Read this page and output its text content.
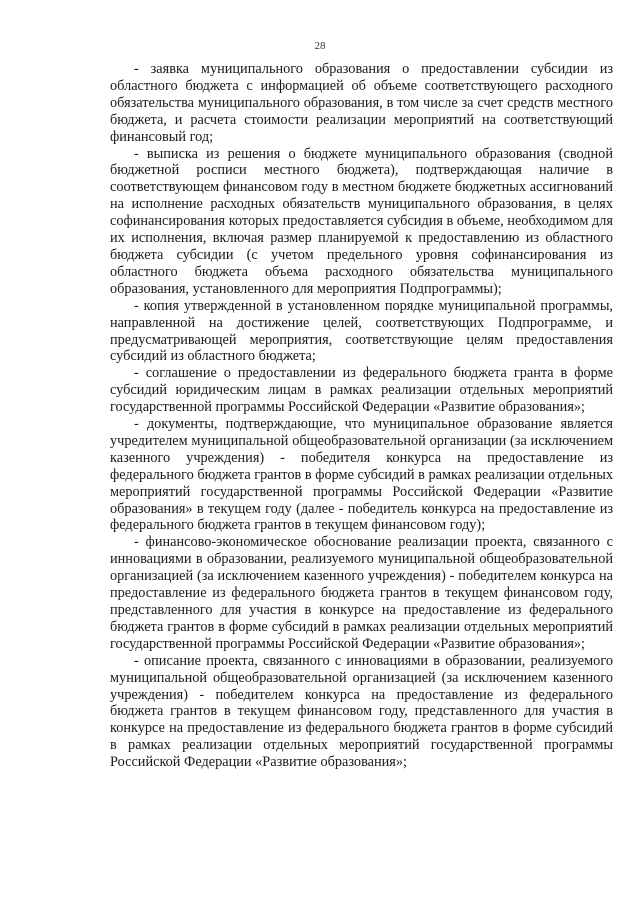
28

- заявка муниципального образования о предоставлении субсидии из областного бюджета с информацией об объеме соответствующего расходного обязательства муниципального образования, в том числе за счет средств местного бюджета, и расчета стоимости реализации мероприятий на соответствующий финансовый год;

- выписка из решения о бюджете муниципального образования (сводной бюджетной росписи местного бюджета), подтверждающая наличие в соответствующем финансовом году в местном бюджете бюджетных ассигнований на исполнение расходных обязательств муниципального образования, в целях софинансирования которых предоставляется субсидия в объеме, необходимом для их исполнения, включая размер планируемой к предоставлению из областного бюджета субсидии (с учетом предельного уровня софинансирования из областного бюджета объема расходного обязательства муниципального образования, установленного для мероприятия Подпрограммы);

- копия утвержденной в установленном порядке муниципальной программы, направленной на достижение целей, соответствующих Подпрограмме, и предусматривающей мероприятия, соответствующие целям предоставления субсидий из областного бюджета;

- соглашение о предоставлении из федерального бюджета гранта в форме субсидий юридическим лицам в рамках реализации отдельных мероприятий государственной программы Российской Федерации «Развитие образования»;

- документы, подтверждающие, что муниципальное образование является учредителем муниципальной общеобразовательной организации (за исключением казенного учреждения) - победителя конкурса на предоставление из федерального бюджета грантов в форме субсидий в рамках реализации отдельных мероприятий государственной программы Российской Федерации «Развитие образования» в текущем году (далее - победитель конкурса на предоставление из федерального бюджета грантов в текущем финансовом году);

- финансово-экономическое обоснование реализации проекта, связанного с инновациями в образовании, реализуемого муниципальной общеобразовательной организацией (за исключением казенного учреждения) - победителем конкурса на предоставление из федерального бюджета грантов в текущем финансовом году, представленного для участия в конкурсе на предоставление из федерального бюджета грантов в форме субсидий в рамках реализации отдельных мероприятий государственной программы Российской Федерации «Развитие образования»;

- описание проекта, связанного с инновациями в образовании, реализуемого муниципальной общеобразовательной организацией (за исключением казенного учреждения) - победителем конкурса на предоставление из федерального бюджета грантов в текущем финансовом году, представленного для участия в конкурсе на предоставление из федерального бюджета грантов в форме субсидий в рамках реализации отдельных мероприятий государственной программы Российской Федерации «Развитие образования»;
